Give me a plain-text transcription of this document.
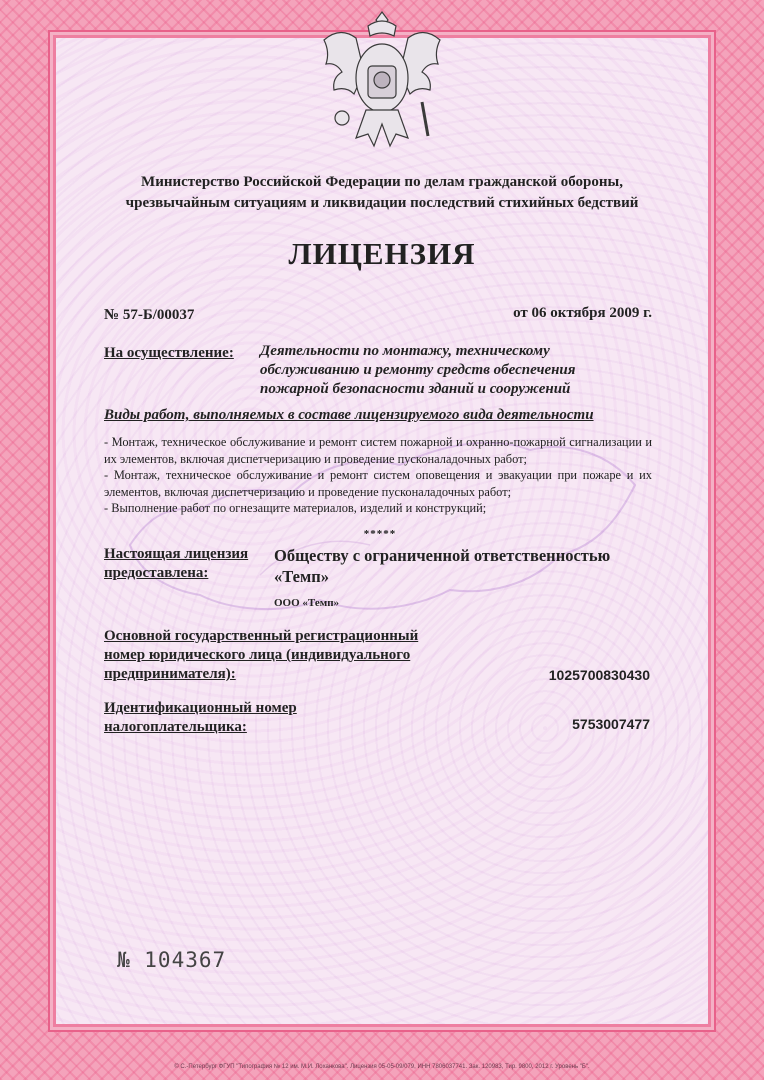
Министерство Российской Федерации по делам гражданской обороны,
чрезвычайным ситуациям и ликвидации последствий стихийных бедствий
ЛИЦЕНЗИЯ
№ 57-Б/00037	от 06 октября 2009 г.
На осуществление: Деятельности по монтажу, техническому
обслуживанию и ремонту средств обеспечения
пожарной безопасности зданий и сооружений
Виды работ, выполняемых в составе лицензируемого вида деятельности

- Монтаж, техническое обслуживание и ремонт систем пожарной и охранно-пожарной сигнализации и их элементов, включая диспетчеризацию и проведение пусконаладочных работ;

- Монтаж, техническое обслуживание и ремонт систем оповещения и эвакуации при пожаре и их элементов, включая диспетчеризацию и проведение пусконаладочных работ;

- Выполнение работ по огнезащите материалов, изделий и конструкций;

*****
Настоящая лицензия
предоставлена:
Обществу с ограниченной ответственностью
«Темп»
ООО «Темп»
Основной государственный регистрационный
номер юридического лица (индивидуального
предпринимателя):	1025700830430
Идентификационный номер
налогоплательщика:	5753007477
№ 104367
© С.-Петербург ФГУП "Типография № 12 им. М.И. Лоханкова". Лицензия 05-05-09/079, ИНН 7806037741. Зак. 120983, Тир. 9800, 2012 г. Уровень "Б".
